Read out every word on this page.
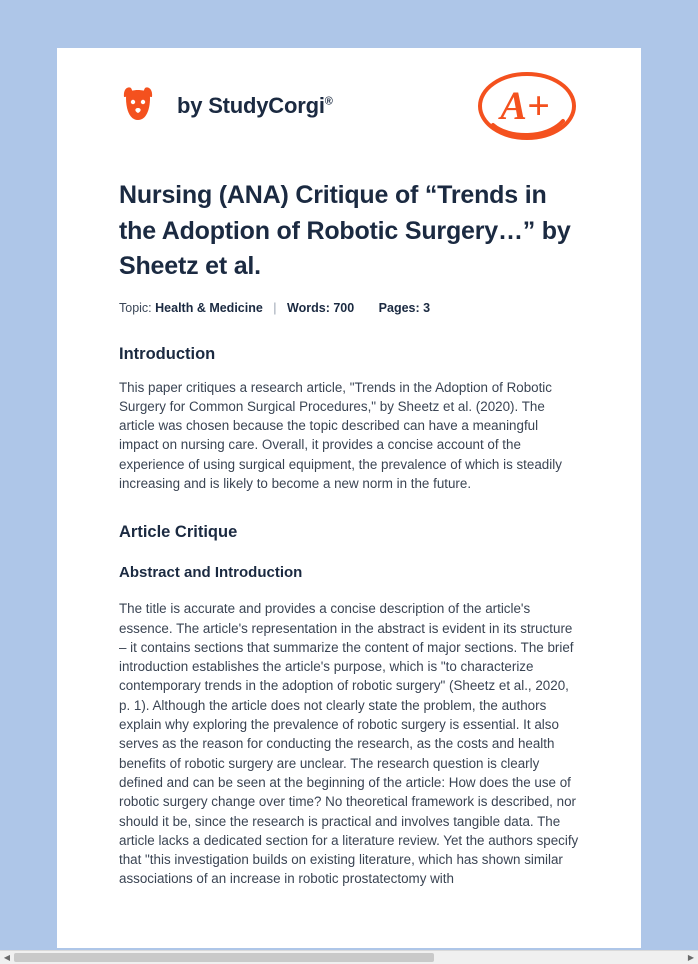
by StudyCorgi®	A+
Nursing (ANA) Critique of “Trends in the Adoption of Robotic Surgery…” by Sheetz et al.
Topic: Health & Medicine | Words: 700 Pages: 3
Introduction

This paper critiques a research article, "Trends in the Adoption of Robotic Surgery for Common Surgical Procedures," by Sheetz et al. (2020). The article was chosen because the topic described can have a meaningful impact on nursing care. Overall, it provides a concise account of the experience of using surgical equipment, the prevalence of which is steadily increasing and is likely to become a new norm in the future.

Article Critique
Abstract and Introduction

The title is accurate and provides a concise description of the article's essence. The article's representation in the abstract is evident in its structure – it contains sections that summarize the content of major sections. The brief introduction establishes the article's purpose, which is "to characterize contemporary trends in the adoption of robotic surgery" (Sheetz et al., 2020, p. 1). Although the article does not clearly state the problem, the authors explain why exploring the prevalence of robotic surgery is essential. It also serves as the reason for conducting the research, as the costs and health benefits of robotic surgery are unclear. The research question is clearly defined and can be seen at the beginning of the article: How does the use of robotic surgery change over time? No theoretical framework is described, nor should it be, since the research is practical and involves tangible data. The article lacks a dedicated section for a literature review. Yet the authors specify that "this investigation builds on existing literature, which has shown similar associations of an increase in robotic prostatectomy with

◀	▶
